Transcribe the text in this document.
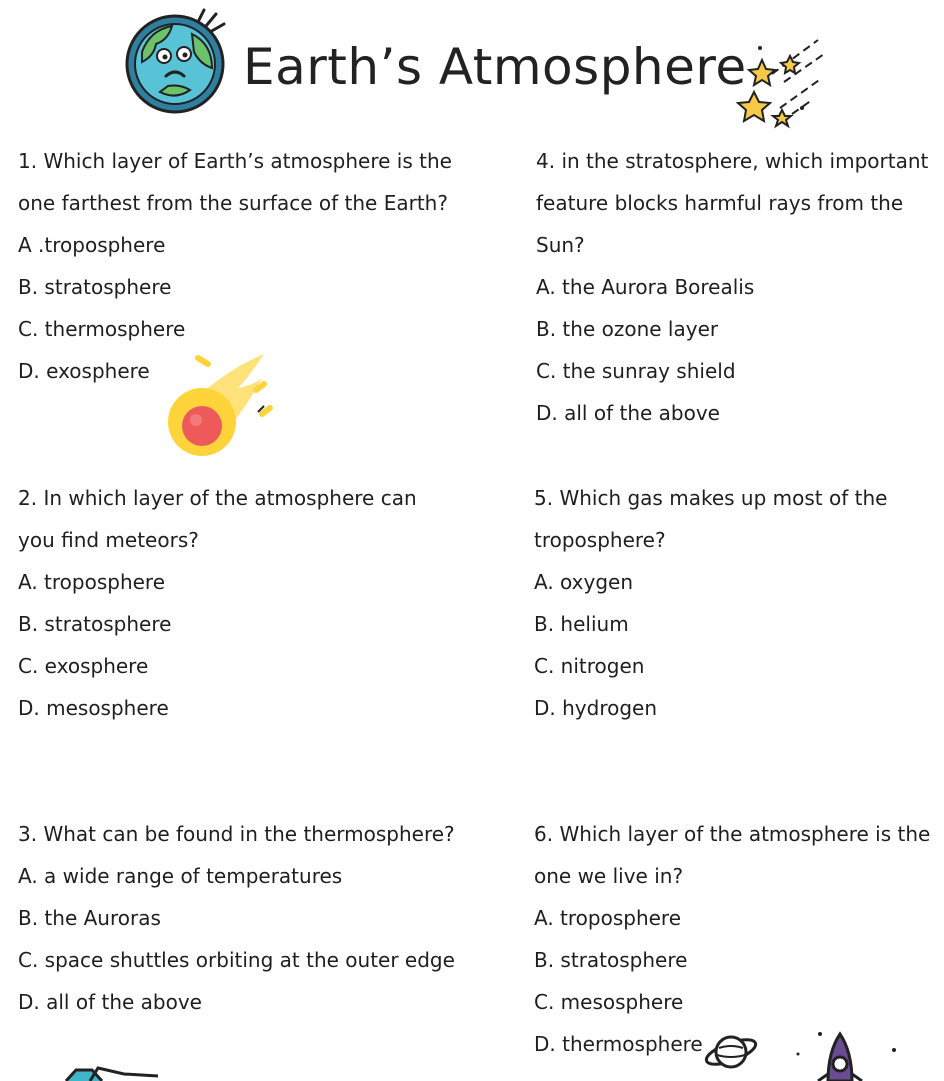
Earth’s Atmosphere
1. Which layer of Earth’s atmosphere is the
one farthest from the surface of the Earth?
A .troposphere
B. stratosphere
C. thermosphere
D. exosphere
2. In which layer of the atmosphere can
you find meteors?
A. troposphere
B. stratosphere
C. exosphere
D. mesosphere
3. What can be found in the thermosphere?
A. a wide range of temperatures
B. the Auroras
C. space shuttles orbiting at the outer edge
D. all of the above
4. in the stratosphere, which important
feature blocks harmful rays from the
Sun?
A. the Aurora Borealis
B. the ozone layer
C. the sunray shield
D. all of the above
5. Which gas makes up most of the
troposphere?
A. oxygen
B. helium
C. nitrogen
D. hydrogen
6. Which layer of the atmosphere is the
one we live in?
A. troposphere
B. stratosphere
C. mesosphere
D. thermosphere
